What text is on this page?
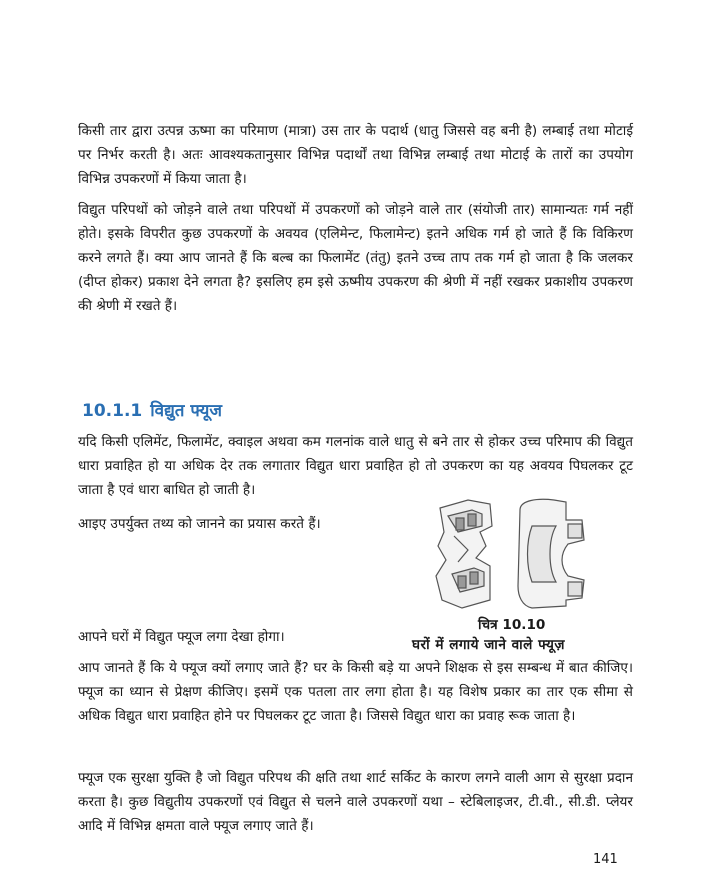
किसी तार द्वारा उत्पन्न ऊष्मा का परिमाण (मात्रा) उस तार के पदार्थ (धातु जिससे वह बनी है) लम्बाई तथा मोटाई पर निर्भर करती है। अतः आवश्यकतानुसार विभिन्न पदार्थों तथा विभिन्न लम्बाई तथा मोटाई के तारों का उपयोग विभिन्न उपकरणों में किया जाता है।

विद्युत परिपथों को जोड़ने वाले तथा परिपथों में उपकरणों को जोड़ने वाले तार (संयोजी तार) सामान्यतः गर्म नहीं होते। इसके विपरीत कुछ उपकरणों के अवयव (एलिमेन्ट, फिलामेन्ट) इतने अधिक गर्म हो जाते हैं कि विकिरण करने लगते हैं। क्या आप जानते हैं कि बल्ब का फिलामेंट (तंतु) इतने उच्च ताप तक गर्म हो जाता है कि जलकर (दीप्त होकर) प्रकाश देने लगता है? इसलिए हम इसे ऊष्मीय उपकरण की श्रेणी में नहीं रखकर प्रकाशीय उपकरण की श्रेणी में रखते हैं।

10.1.1 विद्युत फ्यूज

यदि किसी एलिमेंट, फिलामेंट, क्वाइल अथवा कम गलनांक वाले धातु से बने तार से होकर उच्च परिमाप की विद्युत धारा प्रवाहित हो या अधिक देर तक लगातार विद्युत धारा प्रवाहित हो तो उपकरण का यह अवयव पिघलकर टूट जाता है एवं धारा बाधित हो जाती है।

आइए उपर्युक्त तथ्य को जानने का प्रयास करते हैं।

चित्र 10.10
घरों में लगाये जाने वाले फ्यूज़

आपने घरों में विद्युत फ्यूज लगा देखा होगा।

आप जानते हैं कि ये फ्यूज क्यों लगाए जाते हैं? घर के किसी बड़े या अपने शिक्षक से इस सम्बन्ध में बात कीजिए। फ्यूज का ध्यान से प्रेक्षण कीजिए। इसमें एक पतला तार लगा होता है। यह विशेष प्रकार का तार एक सीमा से अधिक विद्युत धारा प्रवाहित होने पर पिघलकर टूट जाता है। जिससे विद्युत धारा का प्रवाह रूक जाता है।

फ्यूज एक सुरक्षा युक्ति है जो विद्युत परिपथ की क्षति तथा शार्ट सर्किट के कारण लगने वाली आग से सुरक्षा प्रदान करता है। कुछ विद्युतीय उपकरणों एवं विद्युत से चलने वाले उपकरणों यथा – स्टेबिलाइजर, टी.वी., सी.डी. प्लेयर आदि में विभिन्न क्षमता वाले फ्यूज लगाए जाते हैं।

141
